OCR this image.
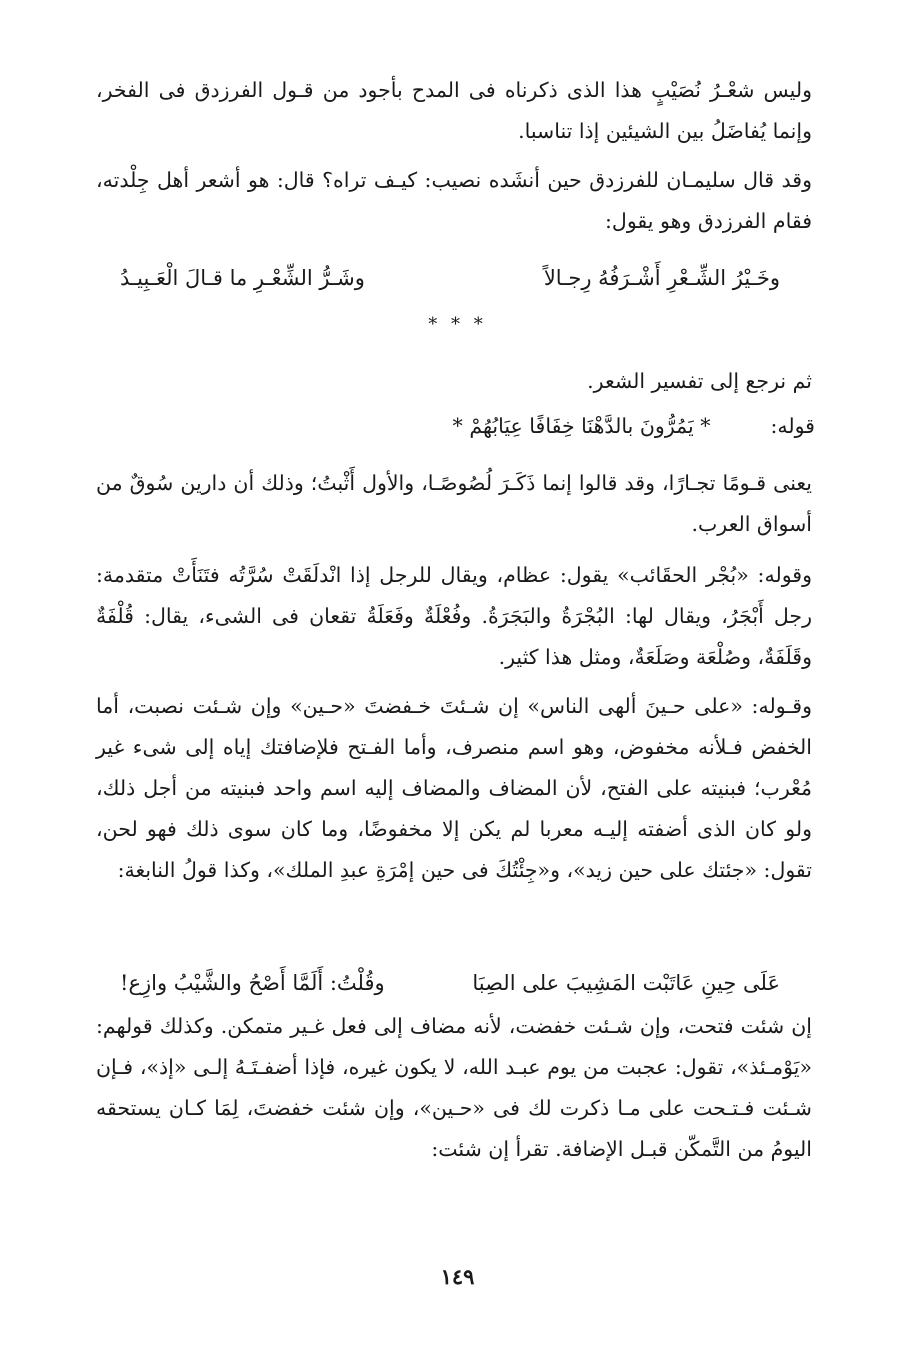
وليس شعْـرُ نُصَيْبٍ هذا الذى ذكرناه فى المدح بأجود من قـول الفرزدق فى الفخر، وإنما يُفاضَلُ بين الشيئين إذا تناسبا.

وقد قال سليمـان للفرزدق حين أنشَده نصيب: كيـف تراه؟ قال: هو أشعر أهل جِلْدته، فقام الفرزدق وهو يقول:

وخَـيْرُ الشِّـعْرِ أَشْـرَفُهُ رِجـالاً
وشَـرُّ الشِّعْـرِ ما قـالَ الْعَـبِيـدُ
* * *

ثم نرجع إلى تفسير الشعر.

قوله:* يَمُرُّونَ بالدَّهْنَا خِفَافًا عِيَابُهُمْ *

يعنى قـومًا تجـارًا، وقد قالوا إنما ذَكَـرَ لُصُوصًـا، والأول أَثْبتُ؛ وذلك أن دارين سُوقٌ من أسواق العرب.

وقوله: «بُجْر الحقَائب» يقول: عظام، ويقال للرجل إذا انْدلَقَتْ سُرَّتُه فتَنَأَتْ متقدمة: رجل أَبْجَرُ، ويقال لها: البُجْرَةُ والبَجَرَةُ. وفُعْلَةٌ وفَعَلَةُ تقعان فى الشىء، يقال: قُلْفَةٌ وقَلَفَةٌ، وصُلْعَة وصَلَعَةٌ، ومثل هذا كثير.

وقـوله: «على حـينَ ألهى الناس» إن شـئتَ خـفضتَ «حـين» وإن شـئت نصبت، أما الخفض فـلأنه مخفوض، وهو اسم منصرف، وأما الفـتح فلإضافتك إياه إلى شىء غير مُعْرب؛ فبنيته على الفتح، لأن المضاف والمضاف إليه اسم واحد فبنيته من أجل ذلك، ولو كان الذى أضفته إليـه معربا لم يكن إلا مخفوضًا، وما كان سوى ذلك فهو لحن، تقول: «جئتك على حين زيد»، و«جِئْتُكَ فى حين إمْرَةِ عبدِ الملك»، وكذا قولُ النابغة:

عَلَى حِينِ عَاتَبْت المَشِيبَ على الصِبَا
وقُلْتُ: أَلَمَّا أَصْحُ والشَّيْبُ وازِع!

إن شئت فتحت، وإن شـئت خفضت، لأنه مضاف إلى فعل غـير متمكن. وكذلك قولهم: «يَوْمـئذ»، تقول: عجبت من يوم عبـد الله، لا يكون غيره، فإذا أضفـتَـهُ إلـى «إذ»، فـإن شـئت فـتـحت على مـا ذكرت لك فى «حـين»، وإن شئت خفضتَ، لِمَا كـان يستحقه اليومُ من التَّمكّن قبـل الإضافة. تقرأ إن شئت:

١٤٩
